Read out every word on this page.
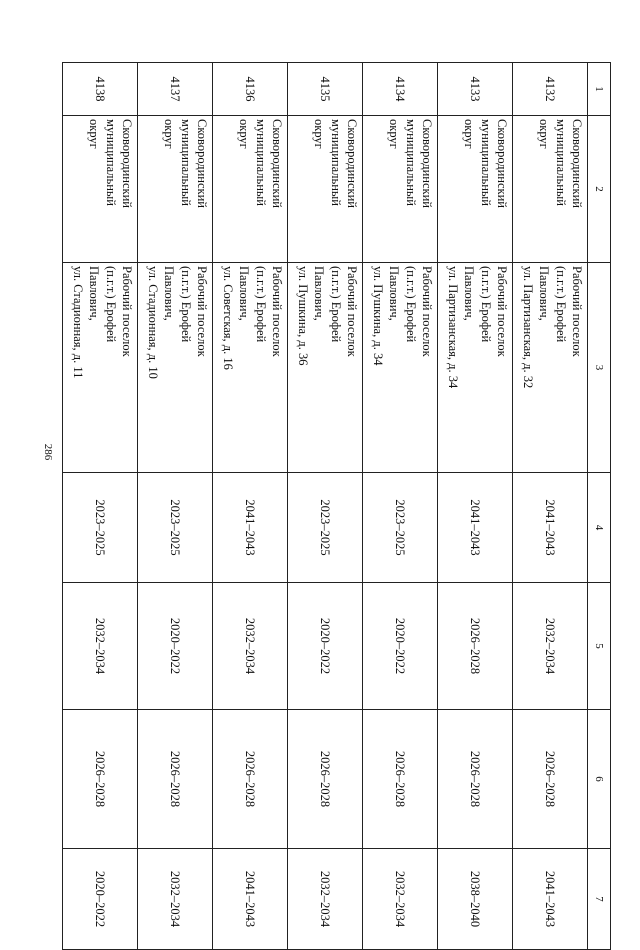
286
1	2	3	4	5	6	7
4132	Сковородинский
муниципальный
округ	Рабочий поселок
(п.г.т.) Ерофей
Павлович,
ул. Партизанская, д. 32	2041–2043	2032–2034	2026–2028	2041–2043
4133	Сковородинский
муниципальный
округ	Рабочий поселок
(п.г.т.) Ерофей
Павлович,
ул. Партизанская, д. 34	2041–2043	2026–2028	2026–2028	2038–2040
4134	Сковородинский
муниципальный
округ	Рабочий поселок
(п.г.т.) Ерофей
Павлович,
ул. Пушкина, д. 34	2023–2025	2020–2022	2026–2028	2032–2034
4135	Сковородинский
муниципальный
округ	Рабочий поселок
(п.г.т.) Ерофей
Павлович,
ул. Пушкина, д. 36	2023–2025	2020–2022	2026–2028	2032–2034
4136	Сковородинский
муниципальный
округ	Рабочий поселок
(п.г.т.) Ерофей
Павлович,
ул. Советская, д. 16	2041–2043	2032–2034	2026–2028	2041–2043
4137	Сковородинский
муниципальный
округ	Рабочий поселок
(п.г.т.) Ерофей
Павлович,
ул. Стадионная, д. 10	2023–2025	2020–2022	2026–2028	2032–2034
4138	Сковородинский
муниципальный
округ	Рабочий поселок
(п.г.т.) Ерофей
Павлович,
ул. Стадионная, д. 11	2023–2025	2032–2034	2026–2028	2020–2022
